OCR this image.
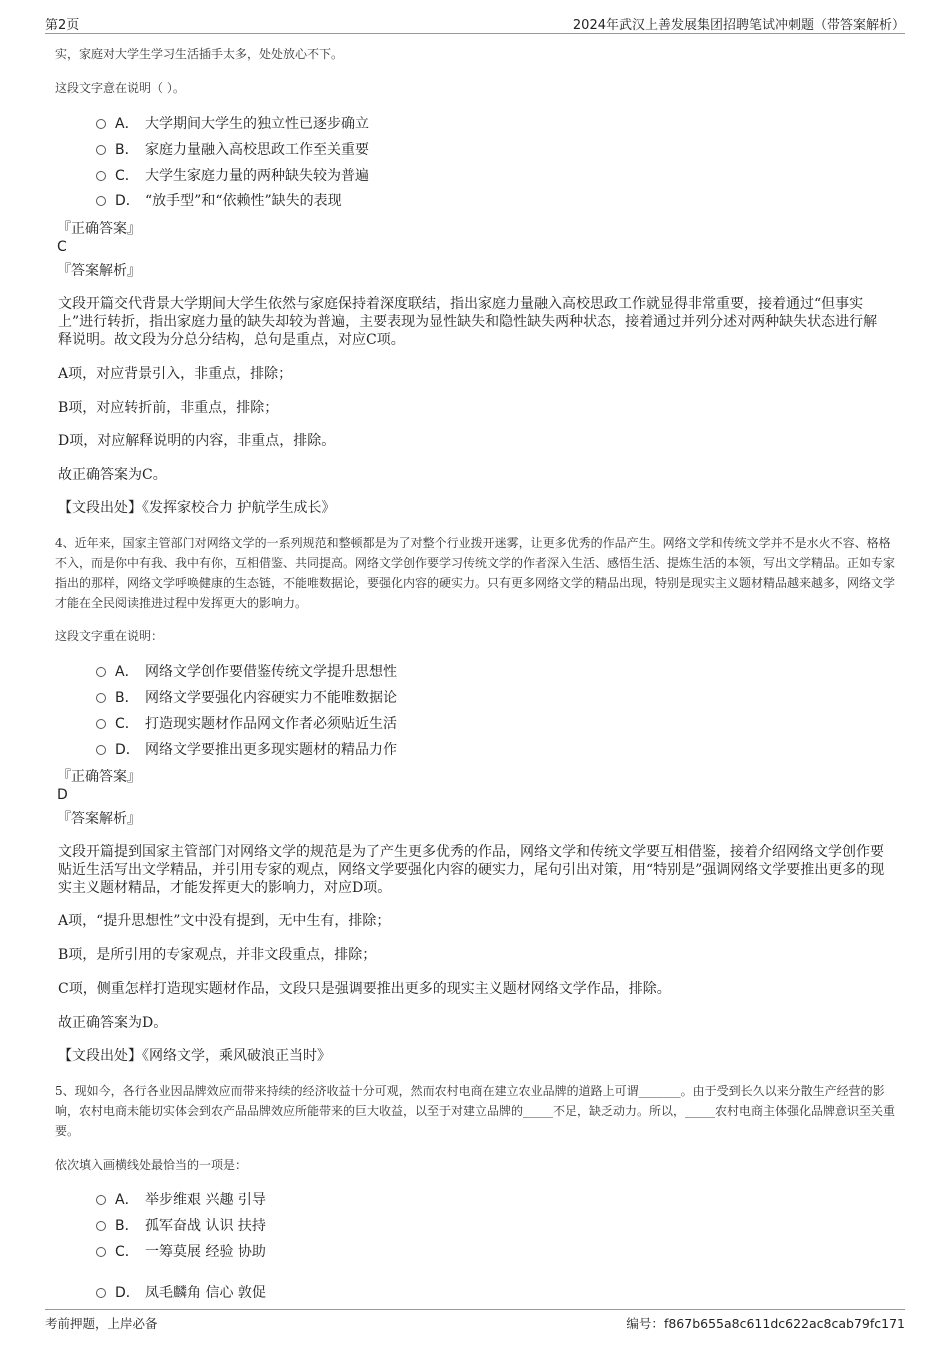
第2页	2024年武汉上善发展集团招聘笔试冲刺题（带答案解析）
实，家庭对大学生学习生活插手太多，处处放心不下。
这段文字意在说明（ ）。
A． 大学期间大学生的独立性已逐步确立
B． 家庭力量融入高校思政工作至关重要
C． 大学生家庭力量的两种缺失较为普遍
D． “放手型”和“依赖性”缺失的表现
『正确答案』
C
『答案解析』
文段开篇交代背景大学期间大学生依然与家庭保持着深度联结，指出家庭力量融入高校思政工作就显得非常重要，接着通过“但事实上”进行转折，指出家庭力量的缺失却较为普遍，主要表现为显性缺失和隐性缺失两种状态，接着通过并列分述对两种缺失状态进行解释说明。故文段为分总分结构，总句是重点，对应C项。
A项，对应背景引入，非重点，排除；
B项，对应转折前，非重点，排除；
D项，对应解释说明的内容，非重点，排除。
故正确答案为C。
【文段出处】《发挥家校合力 护航学生成长》
4、近年来，国家主管部门对网络文学的一系列规范和整顿都是为了对整个行业拨开迷雾，让更多优秀的作品产生。网络文学和传统文学并不是水火不容、格格不入，而是你中有我、我中有你，互相借鉴、共同提高。网络文学创作要学习传统文学的作者深入生活、感悟生活、提炼生活的本领，写出文学精品。正如专家指出的那样，网络文学呼唤健康的生态链，不能唯数据论，要强化内容的硬实力。只有更多网络文学的精品出现，特别是现实主义题材精品越来越多，网络文学才能在全民阅读推进过程中发挥更大的影响力。
这段文字重在说明：
A． 网络文学创作要借鉴传统文学提升思想性
B． 网络文学要强化内容硬实力不能唯数据论
C． 打造现实题材作品网文作者必须贴近生活
D． 网络文学要推出更多现实题材的精品力作
『正确答案』
D
『答案解析』
文段开篇提到国家主管部门对网络文学的规范是为了产生更多优秀的作品，网络文学和传统文学要互相借鉴，接着介绍网络文学创作要贴近生活写出文学精品，并引用专家的观点，网络文学要强化内容的硬实力，尾句引出对策，用“特别是”强调网络文学要推出更多的现实主义题材精品，才能发挥更大的影响力，对应D项。
A项，“提升思想性”文中没有提到，无中生有，排除；
B项，是所引用的专家观点，并非文段重点，排除；
C项，侧重怎样打造现实题材作品，文段只是强调要推出更多的现实主义题材网络文学作品，排除。
故正确答案为D。
【文段出处】《网络文学，乘风破浪正当时》
5、现如今，各行各业因品牌效应而带来持续的经济收益十分可观，然而农村电商在建立农业品牌的道路上可谓_______。由于受到长久以来分散生产经营的影响，农村电商未能切实体会到农产品品牌效应所能带来的巨大收益，以至于对建立品牌的_____不足，缺乏动力。所以，_____农村电商主体强化品牌意识至关重要。
依次填入画横线处最恰当的一项是：
A． 举步维艰 兴趣 引导
B． 孤军奋战 认识 扶持
C． 一筹莫展 经验 协助
D． 凤毛麟角 信心 敦促
考前押题，上岸必备	编号：f867b655a8c611dc622ac8cab79fc171
